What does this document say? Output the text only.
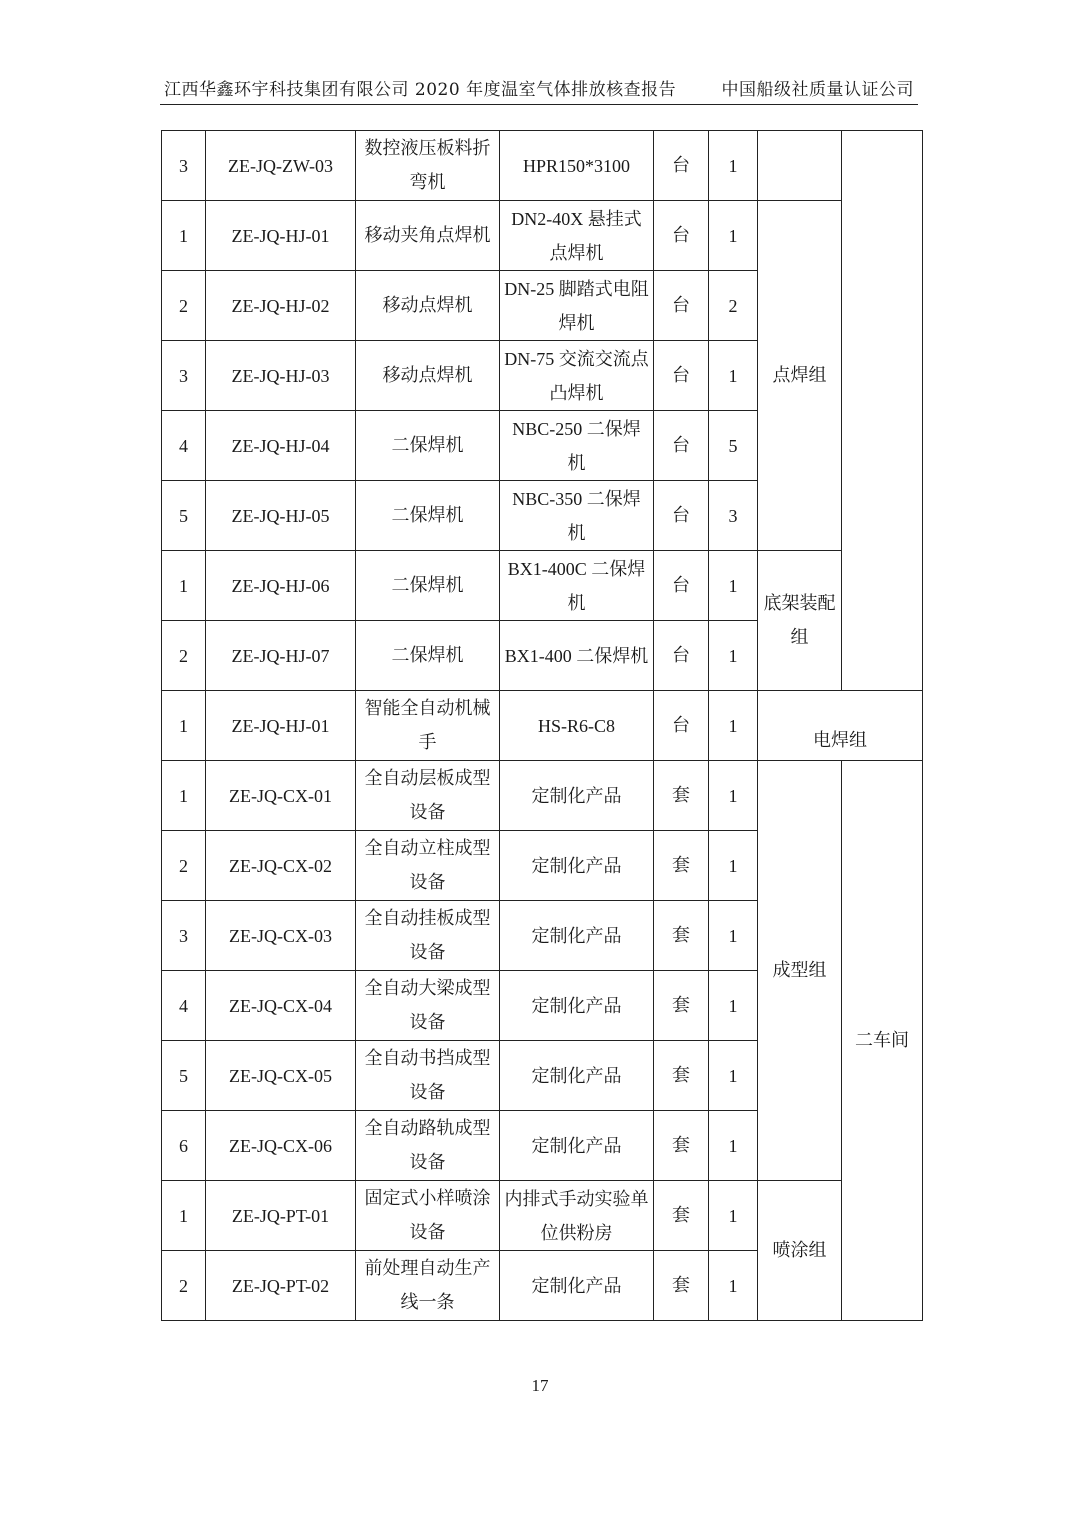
江西华鑫环宇科技集团有限公司 2020 年度温室气体排放核查报告	中国船级社质量认证公司
3	ZE-JQ-ZW-03	数控液压板料折弯机	HPR150*3100	台	1		
1	ZE-JQ-HJ-01	移动夹角点焊机	DN2-40X 悬挂式点焊机	台	1	点焊组	
2	ZE-JQ-HJ-02	移动点焊机	DN-25 脚踏式电阻焊机	台	2		
3	ZE-JQ-HJ-03	移动点焊机	DN-75 交流交流点凸焊机	台	1		
4	ZE-JQ-HJ-04	二保焊机	NBC-250 二保焊机	台	5		
5	ZE-JQ-HJ-05	二保焊机	NBC-350 二保焊机	台	3		
1	ZE-JQ-HJ-06	二保焊机	BX1-400C 二保焊机	台	1	底架装配组	
2	ZE-JQ-HJ-07	二保焊机	BX1-400 二保焊机	台	1		
1	ZE-JQ-HJ-01	智能全自动机械手	HS-R6-C8	台	1	电焊组	
1	ZE-JQ-CX-01	全自动层板成型设备	定制化产品	套	1	成型组	二车间
2	ZE-JQ-CX-02	全自动立柱成型设备	定制化产品	套	1		
3	ZE-JQ-CX-03	全自动挂板成型设备	定制化产品	套	1		
4	ZE-JQ-CX-04	全自动大梁成型设备	定制化产品	套	1		
5	ZE-JQ-CX-05	全自动书挡成型设备	定制化产品	套	1		
6	ZE-JQ-CX-06	全自动路轨成型设备	定制化产品	套	1		
1	ZE-JQ-PT-01	固定式小样喷涂设备	内排式手动实验单位供粉房	套	1	喷涂组	
2	ZE-JQ-PT-02	前处理自动生产线一条	定制化产品	套	1		
17
